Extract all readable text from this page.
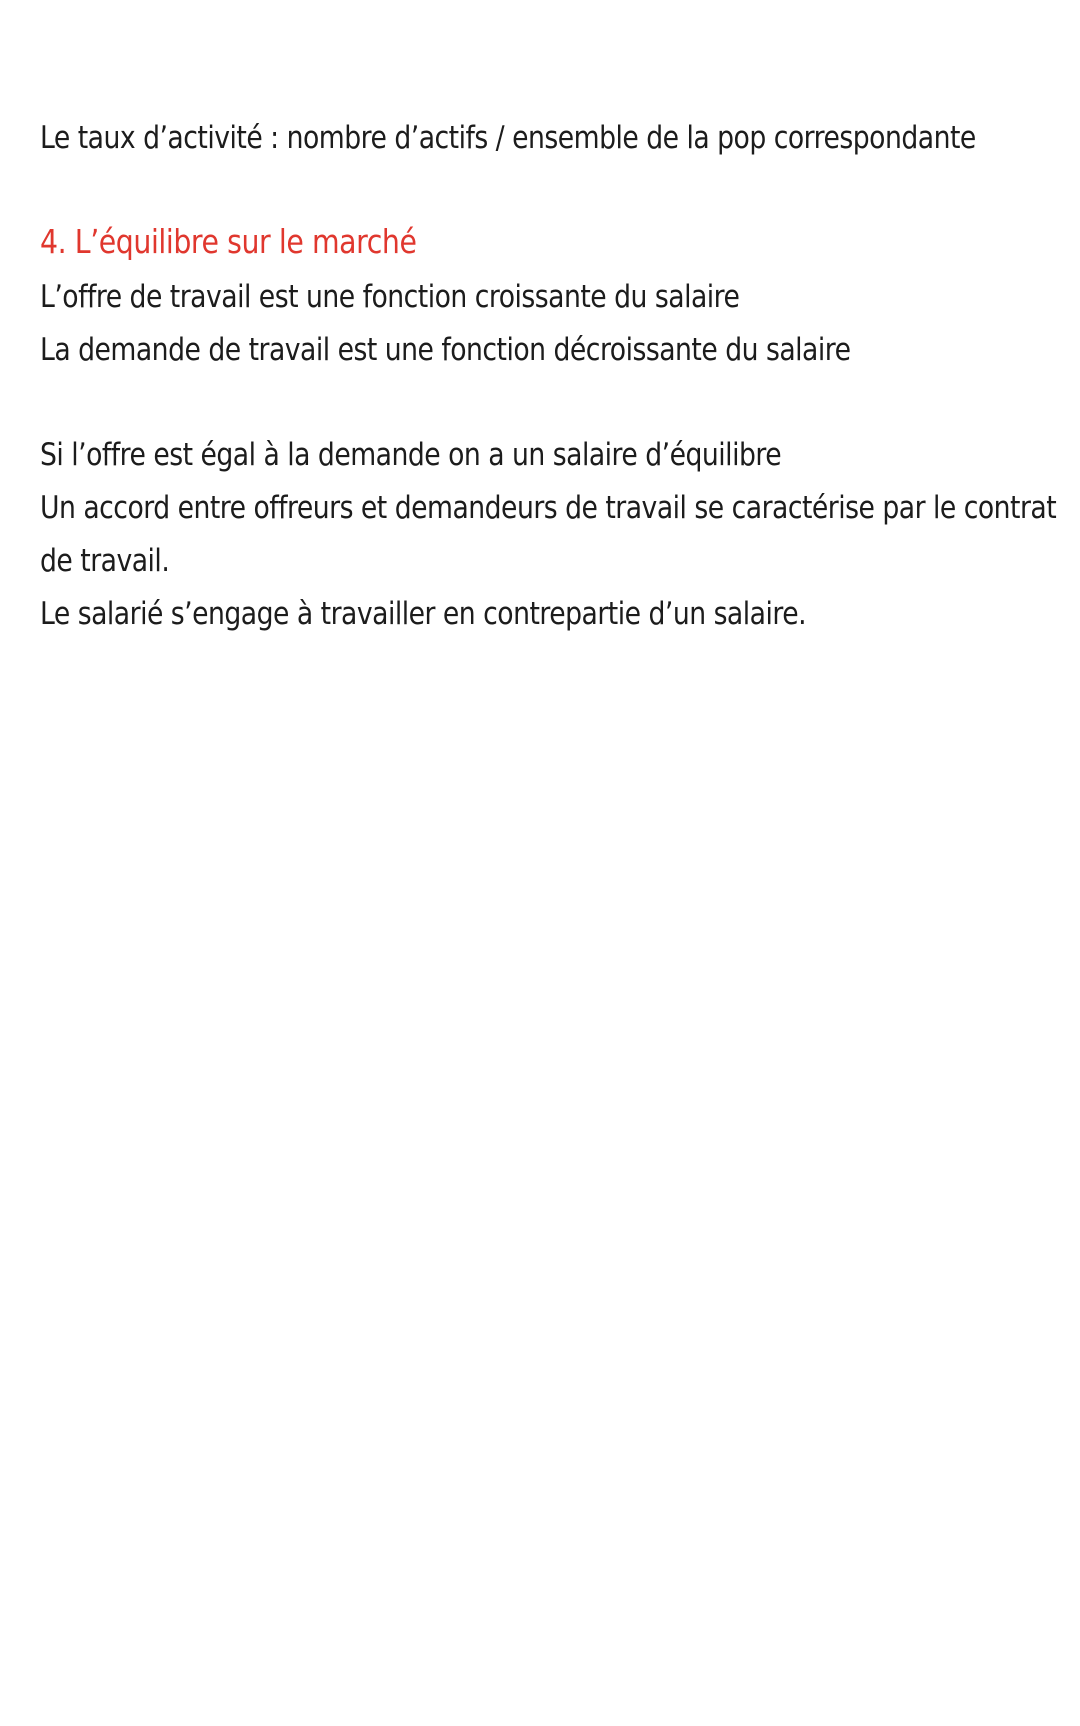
Le taux d’activité : nombre d’actifs / ensemble de la pop correspondante

4. L’équilibre sur le marché

L’offre de travail est une fonction croissante du salaire

La demande de travail est une fonction décroissante du salaire

Si l’offre est égal à la demande on a un salaire d’équilibre

Un accord entre offreurs et demandeurs de travail se caractérise par le contrat

de travail.

Le salarié s’engage à travailler en contrepartie d’un salaire.
